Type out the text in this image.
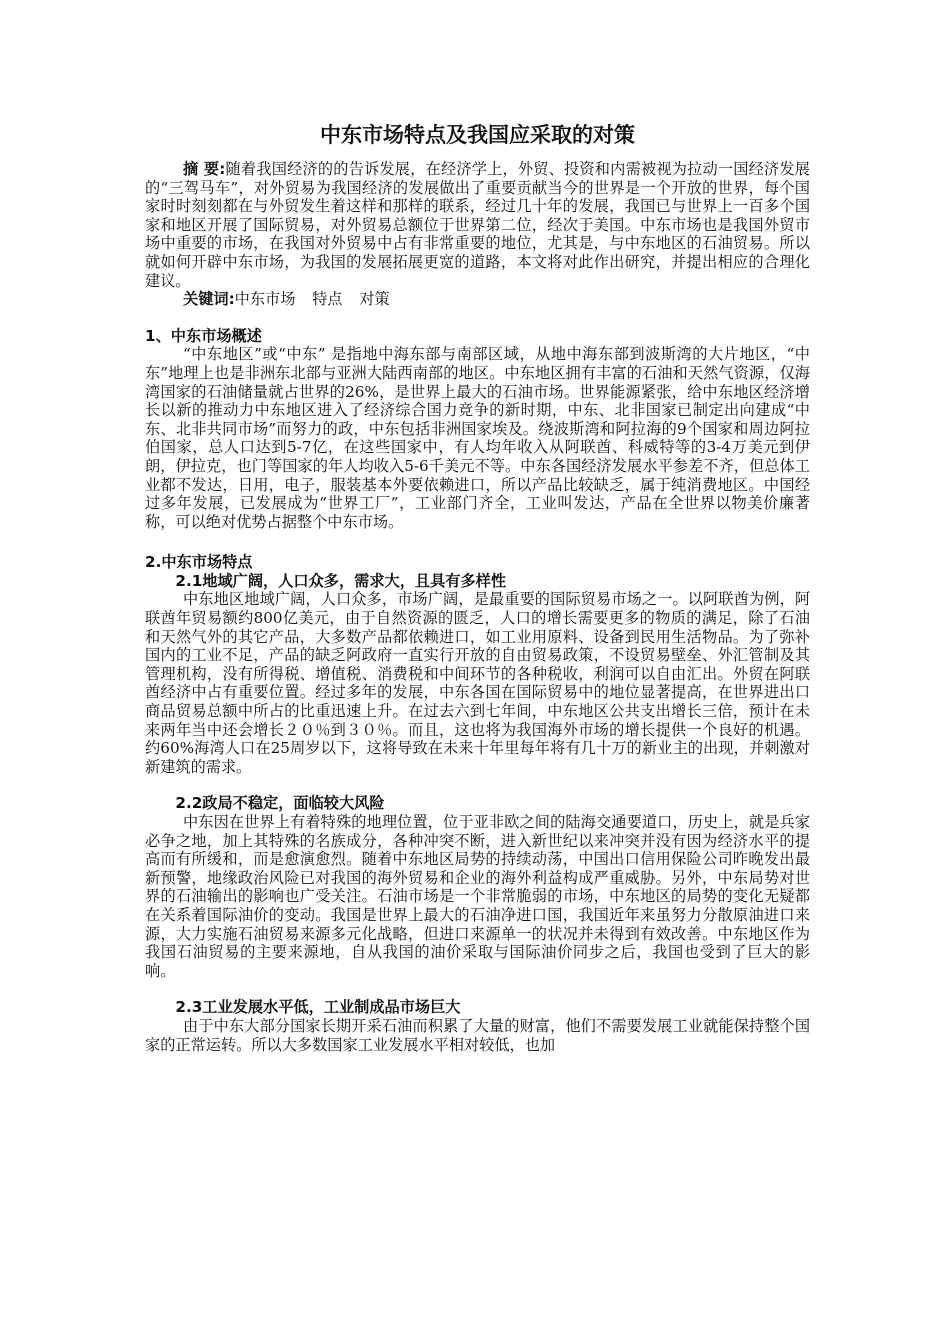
中东市场特点及我国应采取的对策

摘 要:随着我国经济的的告诉发展，在经济学上，外贸、投资和内需被视为拉动一国经济发展的“三驾马车”，对外贸易为我国经济的发展做出了重要贡献当今的世界是一个开放的世界，每个国家时时刻刻都在与外贸发生着这样和那样的联系，经过几十年的发展，我国已与世界上一百多个国家和地区开展了国际贸易，对外贸易总额位于世界第二位，经次于美国。中东市场也是我国外贸市场中重要的市场，在我国对外贸易中占有非常重要的地位，尤其是，与中东地区的石油贸易。所以就如何开辟中东市场，为我国的发展拓展更宽的道路，本文将对此作出研究，并提出相应的合理化建议。

关键词:中东市场 特点 对策

1、中东市场概述

“中东地区”或“中东” 是指地中海东部与南部区域，从地中海东部到波斯湾的大片地区，“中东”地理上也是非洲东北部与亚洲大陆西南部的地区。中东地区拥有丰富的石油和天然气资源，仅海湾国家的石油储量就占世界的26%，是世界上最大的石油市场。世界能源紧张，给中东地区经济增长以新的推动力中东地区进入了经济综合国力竞争的新时期，中东、北非国家已制定出向建成“中东、北非共同市场”而努力的政，中东包括非洲国家埃及。绕波斯湾和阿拉海的9个国家和周边阿拉伯国家，总人口达到5-7亿，在这些国家中，有人均年收入从阿联酋、科威特等的3-4万美元到伊朗，伊拉克，也门等国家的年人均收入5-6千美元不等。中东各国经济发展水平参差不齐，但总体工业都不发达，日用，电子，服装基本外要依赖进口，所以产品比较缺乏，属于纯消费地区。中国经过多年发展，已发展成为“世界工厂”，工业部门齐全，工业叫发达，产品在全世界以物美价廉著称，可以绝对优势占据整个中东市场。

2.中东市场特点
2.1地域广阔，人口众多，需求大，且具有多样性

中东地区地域广阔，人口众多，市场广阔，是最重要的国际贸易市场之一。以阿联酋为例，阿联酋年贸易额约800亿美元，由于自然资源的匮乏，人口的增长需要更多的物质的满足，除了石油和天然气外的其它产品，大多数产品都依赖进口，如工业用原料、设备到民用生活物品。为了弥补国内的工业不足，产品的缺乏阿政府一直实行开放的自由贸易政策，不设贸易壁垒、外汇管制及其管理机构，没有所得税、增值税、消费税和中间环节的各种税收，利润可以自由汇出。外贸在阿联酋经济中占有重要位置。经过多年的发展，中东各国在国际贸易中的地位显著提高，在世界进出口商品贸易总额中所占的比重迅速上升。在过去六到七年间，中东地区公共支出增长三倍，预计在未来两年当中还会增长２０％到３０％。而且，这也将为我国海外市场的增长提供一个良好的机遇。约60%海湾人口在25周岁以下，这将导致在未来十年里每年将有几十万的新业主的出现，并刺激对新建筑的需求。

2.2政局不稳定，面临较大风险

中东因在世界上有着特殊的地理位置，位于亚非欧之间的陆海交通要道口，历史上，就是兵家必争之地，加上其特殊的名族成分，各种冲突不断，进入新世纪以来冲突并没有因为经济水平的提高而有所缓和，而是愈演愈烈。随着中东地区局势的持续动荡，中国出口信用保险公司昨晚发出最新预警，地缘政治风险已对我国的海外贸易和企业的海外利益构成严重威胁。另外，中东局势对世界的石油输出的影响也广受关注。石油市场是一个非常脆弱的市场，中东地区的局势的变化无疑都在关系着国际油价的变动。我国是世界上最大的石油净进口国，我国近年来虽努力分散原油进口来源，大力实施石油贸易来源多元化战略，但进口来源单一的状况并未得到有效改善。中东地区作为我国石油贸易的主要来源地，自从我国的油价采取与国际油价同步之后，我国也受到了巨大的影响。

2.3工业发展水平低，工业制成品市场巨大

由于中东大部分国家长期开采石油而积累了大量的财富，他们不需要发展工业就能保持整个国家的正常运转。所以大多数国家工业发展水平相对较低，也加
